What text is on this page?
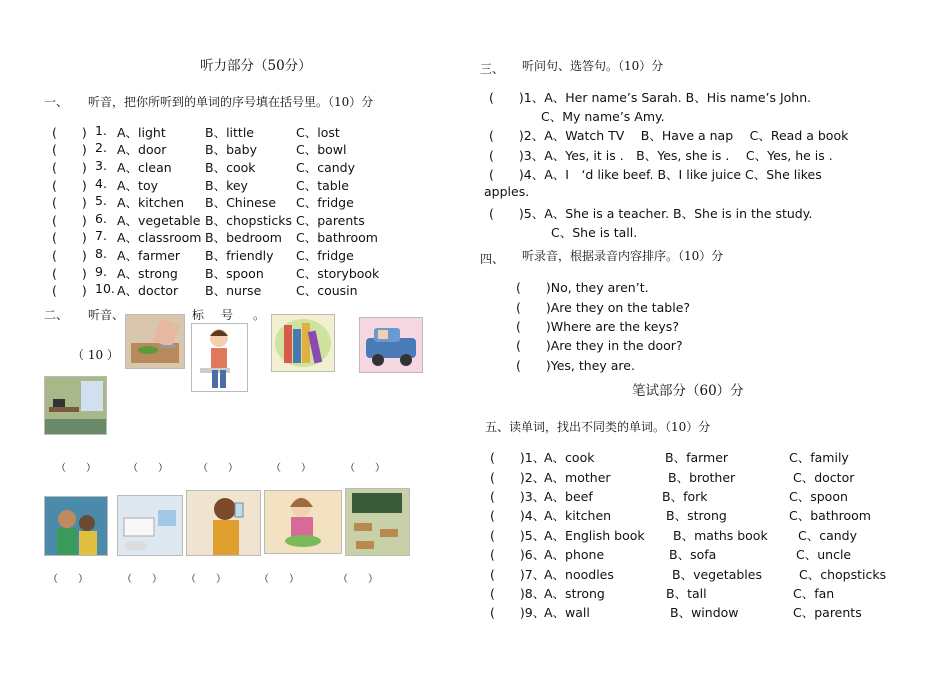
听力部分（50分）
一、 听音，把你所听到的单词的序号填在括号里。（10）分
(　　) 1. A、light	B、little	C、lost
(　　) 2. A、door	B、baby	C、bowl
(　　) 3. A、clean	B、cook	C、candy
(　　) 4. A、toy	B、key	C、table
(　　) 5. A、kitchen B、Chinese C、fridge
(　　) 6. A、vegetable B、chopsticks C、parents
(　　) 7. A、classroom B、bedroom C、bathroom
(　　) 8. A、farmer B、friendly C、fridge
(　　) 9. A、strong B、spoon	C、storybook
(　　) 10. A、doctor B、nurse	C、cousin
二、 听音、	标 号 。
（ 10 ）
（　　）	（　　）	（　　）	（　　）	（　　）
（　　）	（　　） （　　）	（　　）	（　　）
三、 听问句、选答句。（10）分
(　　)1、A、Her name’s Sarah. B、His name’s John.
C、My name’s Amy.
(　　)2、A、Watch TV　 B、Have a nap　 C、Read a book
(　　)3、A、Yes, it is .　B、Yes, she is .　 C、Yes, he is .
(　　)4、A、I　‘d like beef. B、I like juice C、She likes
apples.
(　　)5、A、She is a teacher. B、She is in the study.
C、She is tall.
四、 听录音，根据录音内容排序。（10）分
(　　)No, they aren’t.
(　　)Are they on the table?
(　　)Where are the keys?
(　　)Are they in the door?
(　　)Yes, they are.
笔试部分（60）分
五、读单词，找出不同类的单词。（10）分
(　　)1、
A、cook	B、farmer	C、family
(　　)2、
A、mother	B、brother	C、doctor
(　　)3、
A、beef	B、fork	C、spoon
(　　)4、
A、kitchen	B、strong	C、bathroom
(　　)5、
A、English book B、maths book C、candy
(　　)6、
A、phone	B、sofa	C、uncle
(　　)7、
A、noodles	B、vegetables	C、chopsticks
(　　)8、
A、strong	B、tall	C、fan
(　　)9、
A、wall	B、window	C、parents
